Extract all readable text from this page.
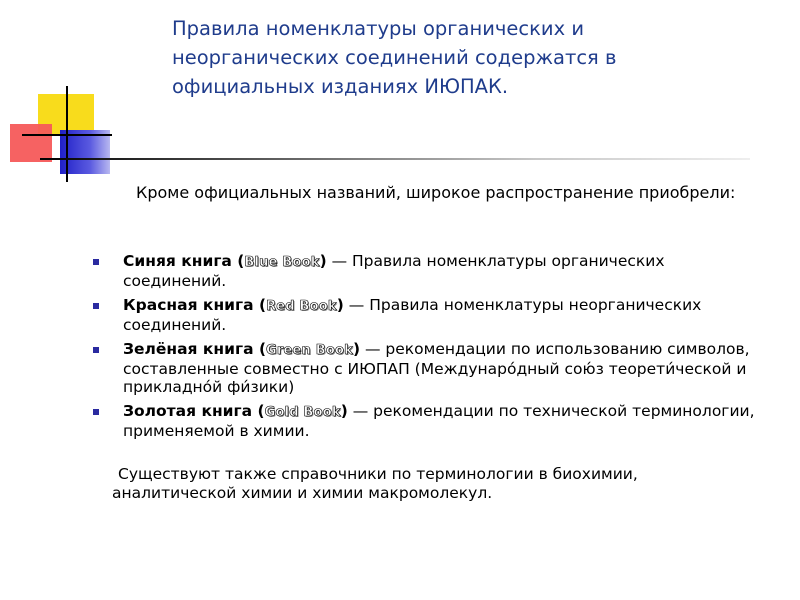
Правила номенклатуры органических и неорганических соединений содержатся в официальных изданиях ИЮПАК.
Кроме официальных названий, широкое распространение приобрели:
Синяя книга (Blue Book) — Правила номенклатуры органических соединений.
Красная книга (Red Book) — Правила номенклатуры неорганических соединений.
Зелёная книга (Green Book) — рекомендации по использованию символов, составленные совместно с ИЮПАП (Междунаро́дный сою́з теорети́ческой и прикладно́й фи́зики)
Золотая книга (Gold Book) — рекомендации по технической терминологии, применяемой в химии.
Существуют также справочники по терминологии в биохимии, аналитической химии и химии макромолекул.
